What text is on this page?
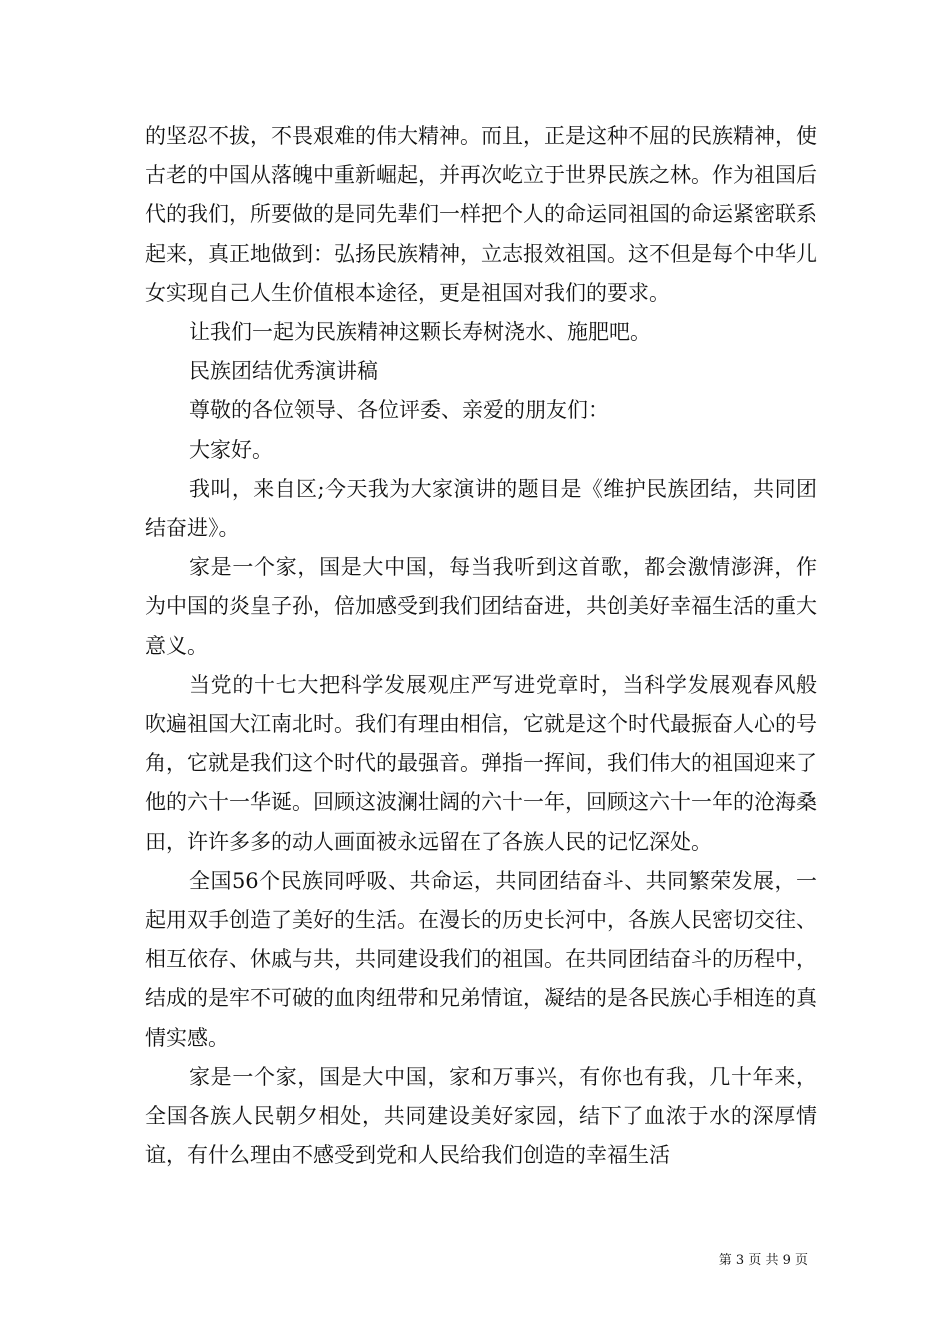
的坚忍不拔，不畏艰难的伟大精神。而且，正是这种不屈的民族精神，使古老的中国从落魄中重新崛起，并再次屹立于世界民族之林。作为祖国后代的我们，所要做的是同先辈们一样把个人的命运同祖国的命运紧密联系起来，真正地做到：弘扬民族精神，立志报效祖国。这不但是每个中华儿女实现自己人生价值根本途径，更是祖国对我们的要求。

让我们一起为民族精神这颗长寿树浇水、施肥吧。

民族团结优秀演讲稿

尊敬的各位领导、各位评委、亲爱的朋友们：

大家好。

我叫，来自区;今天我为大家演讲的题目是《维护民族团结，共同团结奋进》。

家是一个家，国是大中国，每当我听到这首歌，都会激情澎湃，作为中国的炎皇子孙，倍加感受到我们团结奋进，共创美好幸福生活的重大意义。

当党的十七大把科学发展观庄严写进党章时，当科学发展观春风般吹遍祖国大江南北时。我们有理由相信，它就是这个时代最振奋人心的号角，它就是我们这个时代的最强音。弹指一挥间，我们伟大的祖国迎来了他的六十一华诞。回顾这波澜壮阔的六十一年，回顾这六十一年的沧海桑田，许许多多的动人画面被永远留在了各族人民的记忆深处。

全国56个民族同呼吸、共命运，共同团结奋斗、共同繁荣发展，一起用双手创造了美好的生活。在漫长的历史长河中，各族人民密切交往、相互依存、休戚与共，共同建设我们的祖国。在共同团结奋斗的历程中，结成的是牢不可破的血肉纽带和兄弟情谊，凝结的是各民族心手相连的真情实感。

家是一个家，国是大中国，家和万事兴，有你也有我，几十年来，全国各族人民朝夕相处，共同建设美好家园，结下了血浓于水的深厚情谊，有什么理由不感受到党和人民给我们创造的幸福生活

第 3 页 共 9 页
